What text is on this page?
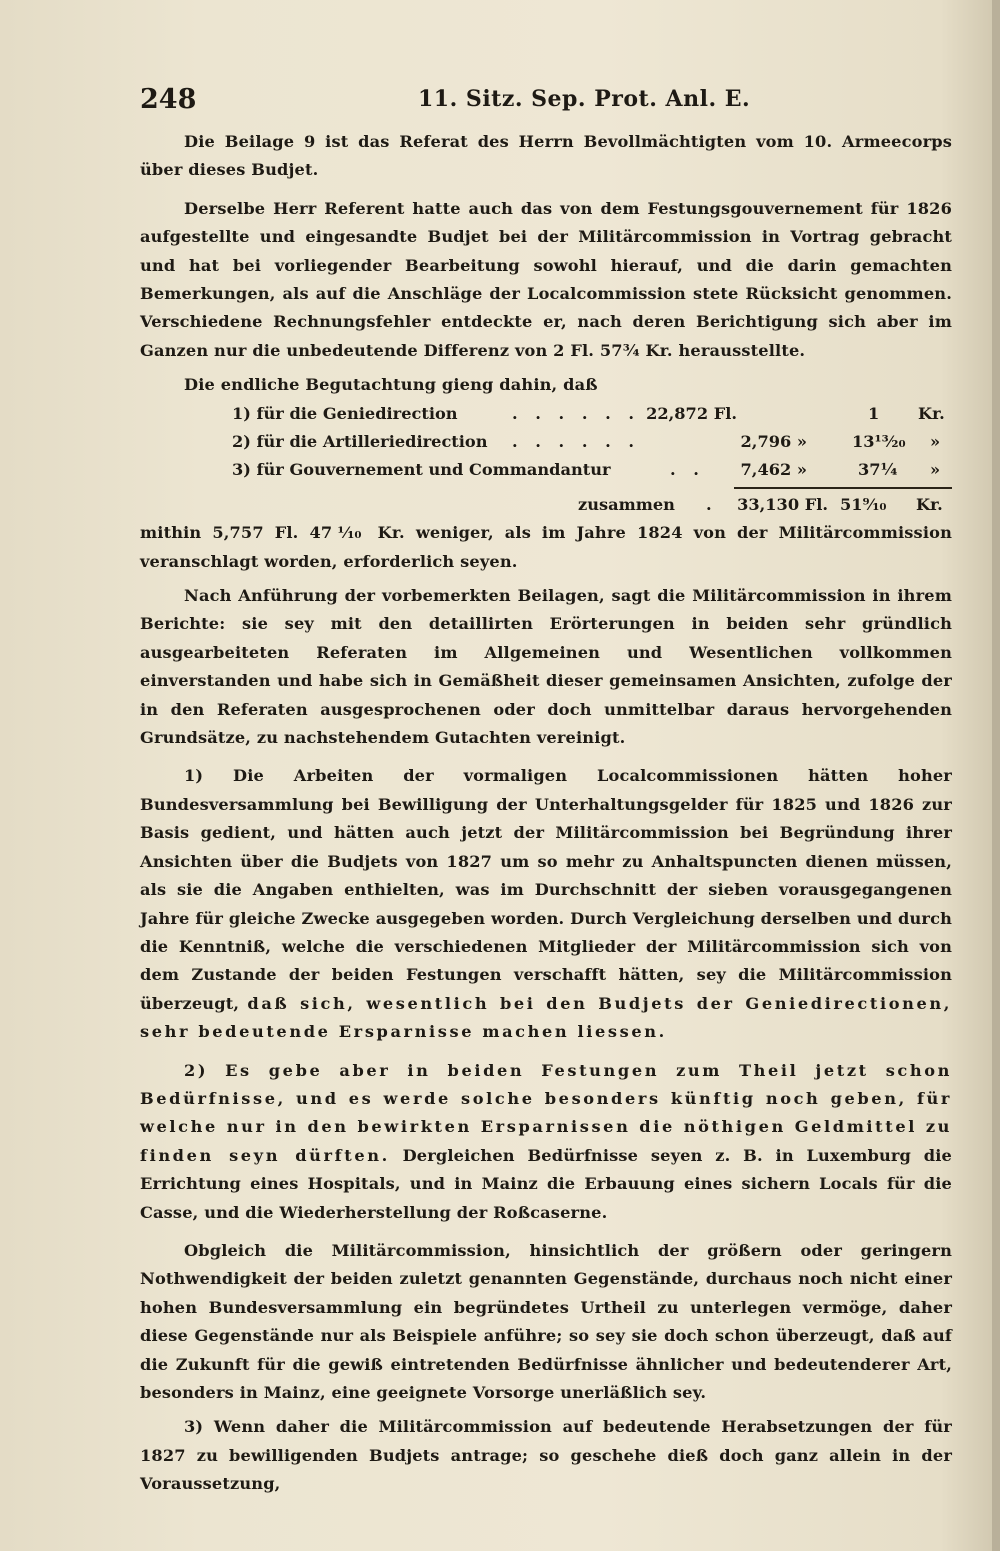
248	11. Sitz. Sep. Prot. Anl. E.

Die Beilage 9 ist das Referat des Herrn Bevollmächtigten vom 10. Armeecorps über dieses Budjet.

Derselbe Herr Referent hatte auch das von dem Festungsgouvernement für 1826 aufgestellte und eingesandte Budjet bei der Militärcommission in Vortrag gebracht und hat bei vorliegender Bearbeitung sowohl hierauf, und die darin gemachten Bemerkungen, als auf die Anschläge der Localcommission stete Rücksicht genommen. Verschiedene Rechnungsfehler entdeckte er, nach deren Berichtigung sich aber im Ganzen nur die unbedeutende Differenz von 2 Fl. 57¾ Kr. herausstellte.

Die endliche Begutachtung gieng dahin, daß

1) für die Geniedirection	. . . . . . 22,872 Fl.	1 Kr.
2) für die Artilleriedirection . . . . . .	2,796 »	13¹³⁄₂₀ »
3) für Gouvernement und Commandantur	. . 7,462 »	37¼ »
zusammen . 33,130 Fl. 51⁹⁄₁₀ Kr.

mithin 5,757 Fl. 47⅒ Kr. weniger, als im Jahre 1824 von der Militärcommission veranschlagt worden, erforderlich seyen.

Nach Anführung der vorbemerkten Beilagen, sagt die Militärcommission in ihrem Berichte: sie sey mit den detaillirten Erörterungen in beiden sehr gründlich ausgearbeiteten Referaten im Allgemeinen und Wesentlichen vollkommen einverstanden und habe sich in Gemäßheit dieser gemeinsamen Ansichten, zufolge der in den Referaten ausgesprochenen oder doch unmittelbar daraus hervorgehenden Grundsätze, zu nachstehendem Gutachten vereinigt.

1) Die Arbeiten der vormaligen Localcommissionen hätten hoher Bundesversammlung bei Bewilligung der Unterhaltungsgelder für 1825 und 1826 zur Basis gedient, und hätten auch jetzt der Militärcommission bei Begründung ihrer Ansichten über die Budjets von 1827 um so mehr zu Anhaltspuncten dienen müssen, als sie die Angaben enthielten, was im Durchschnitt der sieben vorausgegangenen Jahre für gleiche Zwecke ausgegeben worden. Durch Vergleichung derselben und durch die Kenntniß, welche die verschiedenen Mitglieder der Militärcommission sich von dem Zustande der beiden Festungen verschafft hätten, sey die Militärcommission überzeugt, daß sich, wesentlich bei den Budjets der Geniedirectionen, sehr bedeutende Ersparnisse machen liessen.

2) Es gebe aber in beiden Festungen zum Theil jetzt schon Bedürfnisse, und es werde solche besonders künftig noch geben, für welche nur in den bewirkten Ersparnissen die nöthigen Geldmittel zu finden seyn dürften. Dergleichen Bedürfnisse seyen z. B. in Luxemburg die Errichtung eines Hospitals, und in Mainz die Erbauung eines sichern Locals für die Casse, und die Wiederherstellung der Roßcaserne.

Obgleich die Militärcommission, hinsichtlich der größern oder geringern Nothwendigkeit der beiden zuletzt genannten Gegenstände, durchaus noch nicht einer hohen Bundesversammlung ein begründetes Urtheil zu unterlegen vermöge, daher diese Gegenstände nur als Beispiele anführe; so sey sie doch schon überzeugt, daß auf die Zukunft für die gewiß eintretenden Bedürfnisse ähnlicher und bedeutenderer Art, besonders in Mainz, eine geeignete Vorsorge unerläßlich sey.

3) Wenn daher die Militärcommission auf bedeutende Herabsetzungen der für 1827 zu bewilligenden Budjets antrage; so geschehe dieß doch ganz allein in der Voraussetzung,
